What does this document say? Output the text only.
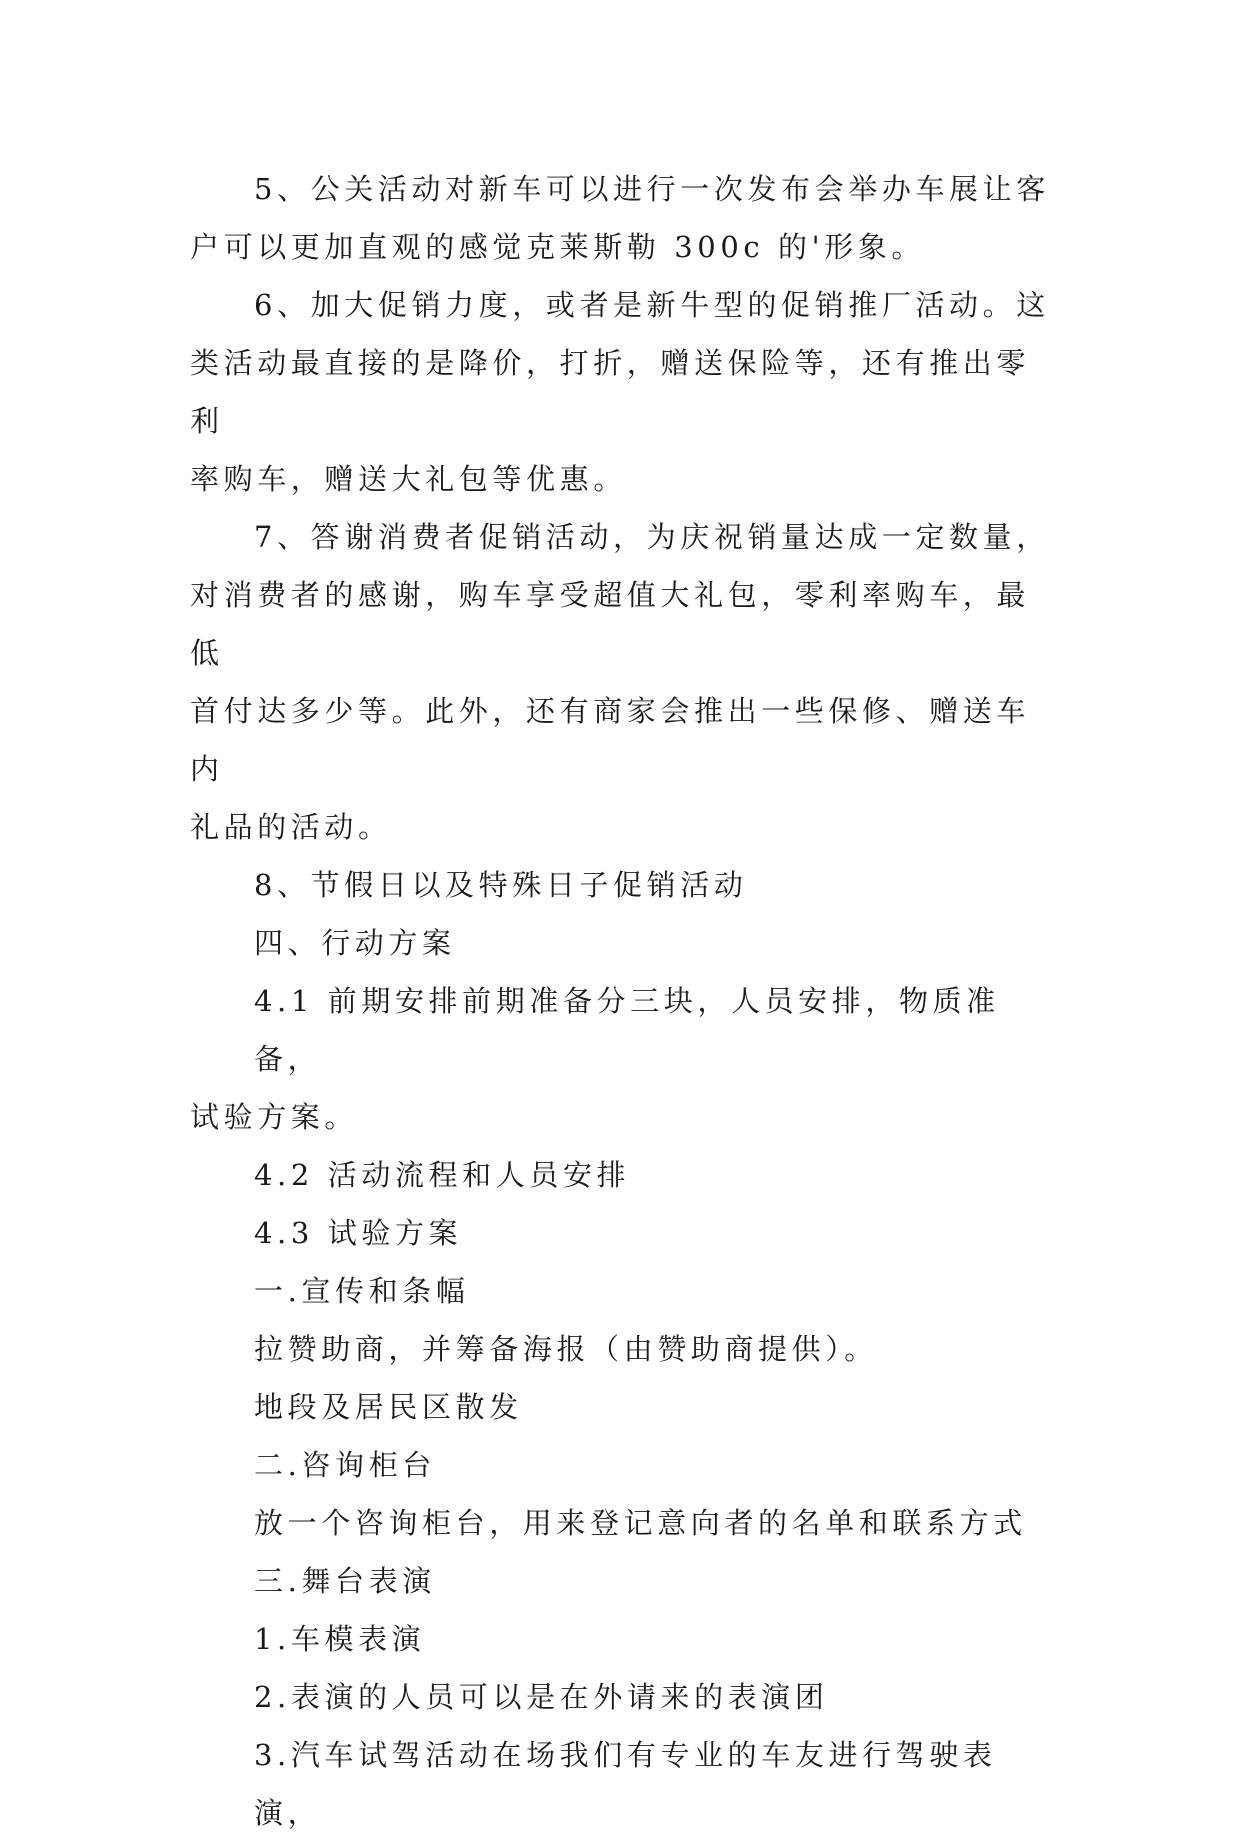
5、公关活动对新车可以进行一次发布会举办车展让客
户可以更加直观的感觉克莱斯勒 300c 的'形象。
6、加大促销力度，或者是新牛型的促销推厂活动。这
类活动最直接的是降价，打折，赠送保险等，还有推出零利
率购车，赠送大礼包等优惠。
7、答谢消费者促销活动，为庆祝销量达成一定数量，
对消费者的感谢，购车享受超值大礼包，零利率购车，最低
首付达多少等。此外，还有商家会推出一些保修、赠送车内
礼品的活动。
8、节假日以及特殊日子促销活动
四、行动方案
4.1 前期安排前期准备分三块，人员安排，物质准备，
试验方案。
4.2 活动流程和人员安排
4.3 试验方案
一.宣传和条幅
拉赞助商，并筹备海报（由赞助商提供）。
地段及居民区散发
二.咨询柜台
放一个咨询柜台，用来登记意向者的名单和联系方式
三.舞台表演
1.车模表演
2.表演的人员可以是在外请来的表演团
3.汽车试驾活动在场我们有专业的车友进行驾驶表演，
